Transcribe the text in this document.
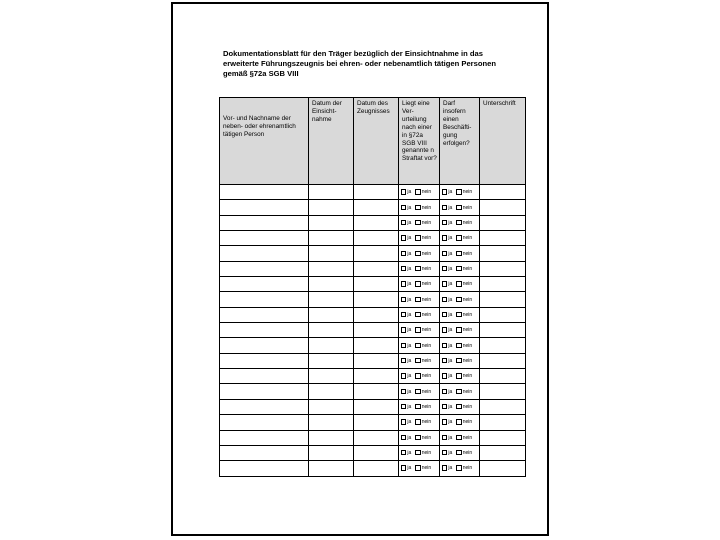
Dokumentationsblatt für den Träger bezüglich der Einsichtnahme in das erweiterte Führungszeugnis bei ehren- oder nebenamtlich tätigen Personen gemäß §72a SGB VIII
Vor- und Nachname der neben- oder ehrenamtlich tätigen Person	Datum der Einsicht-nahme	Datum des Zeugnisses	Liegt eine Ver-urteilung nach einer in §72a SGB VIII genannte n Straftat vor?	Darf insofern einen Beschäfti-gung erfolgen?	Unterschrift
			ja nein	ja nein	
			ja nein	ja nein	
			ja nein	ja nein	
			ja nein	ja nein	
			ja nein	ja nein	
			ja nein	ja nein	
			ja nein	ja nein	
			ja nein	ja nein	
			ja nein	ja nein	
			ja nein	ja nein	
			ja nein	ja nein	
			ja nein	ja nein	
			ja nein	ja nein	
			ja nein	ja nein	
			ja nein	ja nein	
			ja nein	ja nein	
			ja nein	ja nein	
			ja nein	ja nein	
			ja nein	ja nein	
